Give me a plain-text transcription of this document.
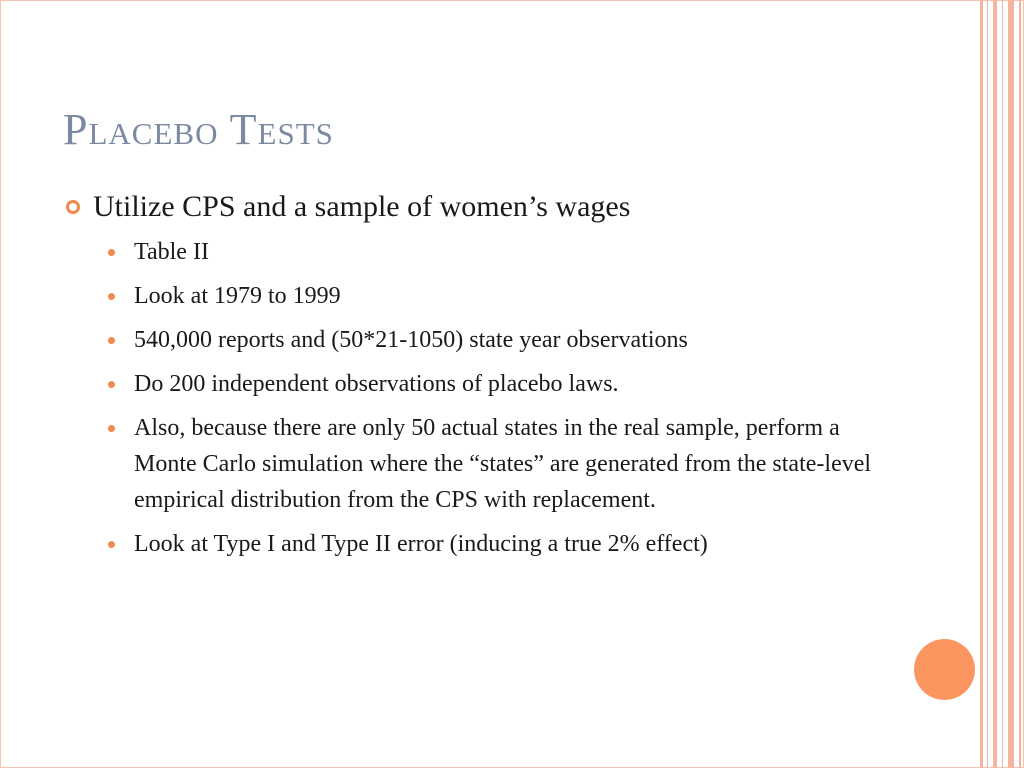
Placebo Tests
Utilize CPS and a sample of women’s wages
Table II
Look at 1979 to 1999
540,000 reports and (50*21-1050) state year observations
Do 200 independent observations of placebo laws.
Also, because there are only 50 actual states in the real sample, perform a Monte Carlo simulation where the “states” are generated from the state-level empirical distribution from the CPS with replacement.
Look at Type I and Type II error (inducing a true 2% effect)
